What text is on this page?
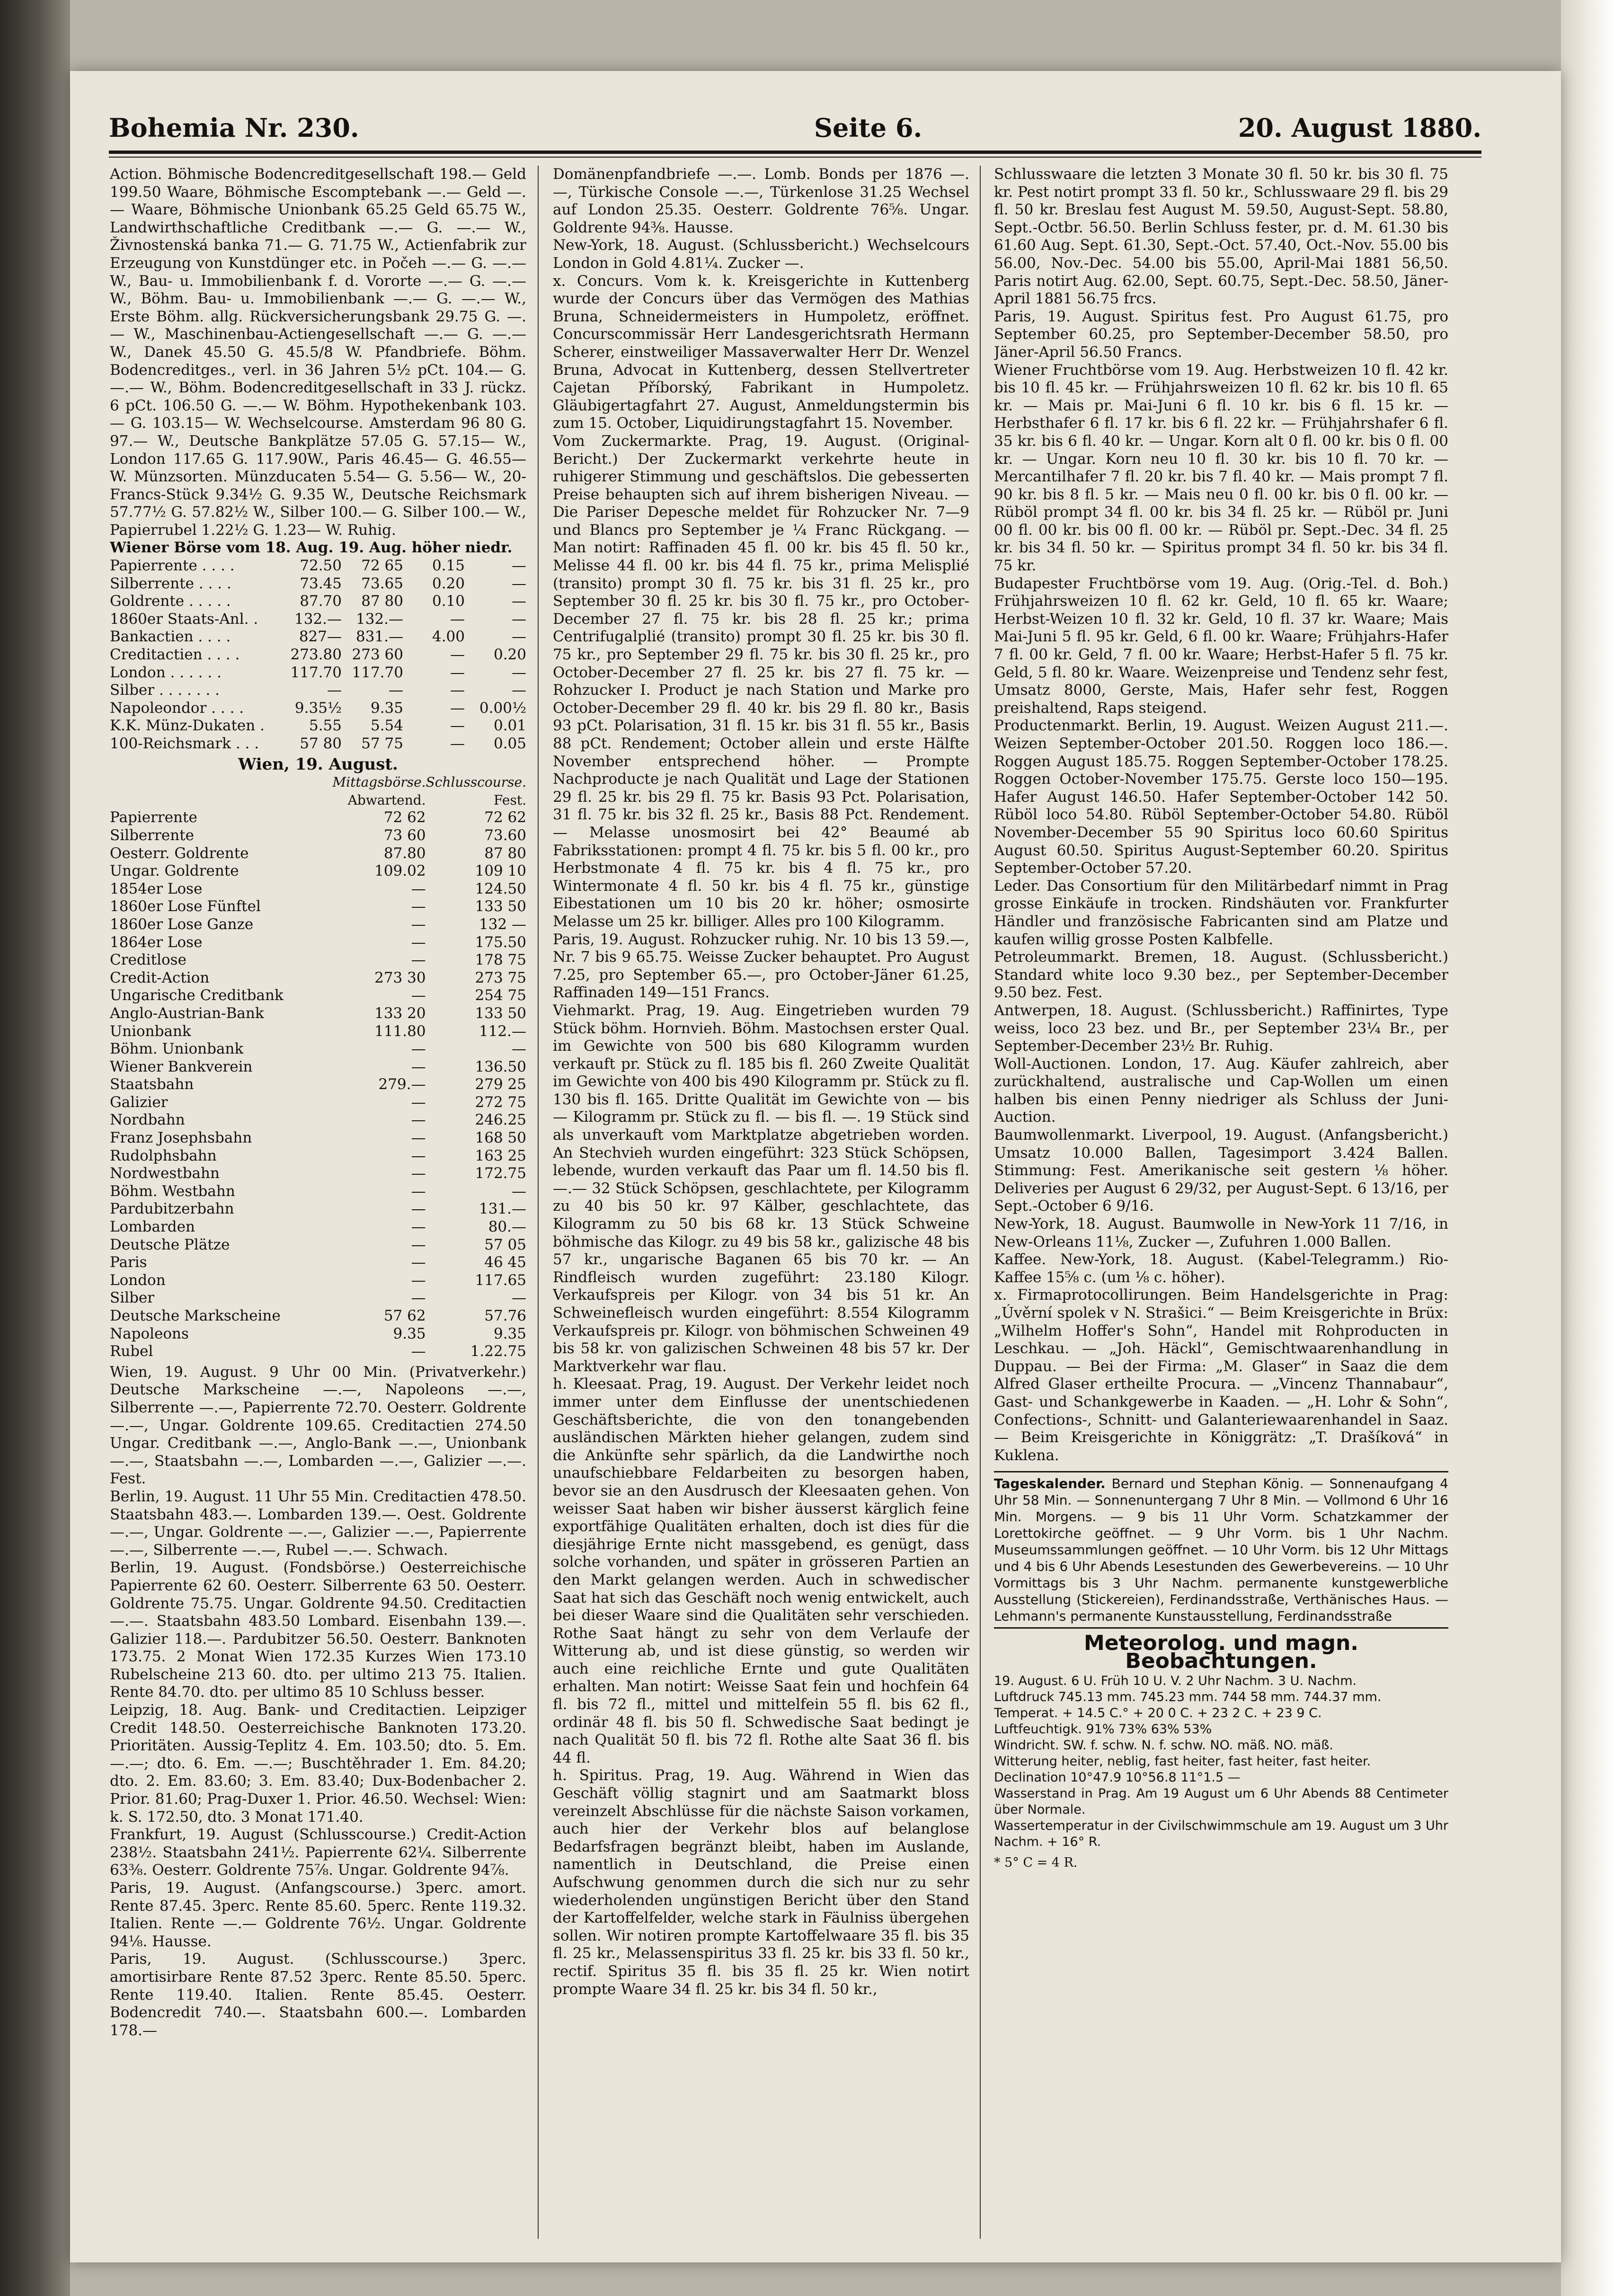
Bohemia Nr. 230.	Seite 6.	20. August 1880.

Action. Böhmische Bodencreditgesellschaft 198.— Geld 199.50 Waare, Böhmische Escomptebank —.— Geld —.— Waare, Böhmische Unionbank 65.25 Geld 65.75 W., Landwirthschaftliche Creditbank —.— G. —.— W., Živnostenská banka 71.— G. 71.75 W., Actienfabrik zur Erzeugung von Kunstdünger etc. in Počeh —.— G. —.— W., Bau- u. Immobilienbank f. d. Vororte —.— G. —.— W., Böhm. Bau- u. Immobilienbank —.— G. —.— W., Erste Böhm. allg. Rückversicherungsbank 29.75 G. —.— W., Maschinenbau-Actiengesellschaft —.— G. —.— W., Danek 45.50 G. 45.5/8 W. Pfandbriefe. Böhm. Bodencreditges., verl. in 36 Jahren 5½ pCt. 104.— G. —.— W., Böhm. Bodencreditgesellschaft in 33 J. rückz. 6 pCt. 106.50 G. —.— W. Böhm. Hypothekenbank 103.— G. 103.15— W. Wechselcourse. Amsterdam 96 80 G. 97.— W., Deutsche Bankplätze 57.05 G. 57.15— W., London 117.65 G. 117.90W., Paris 46.45— G. 46.55— W. Münzsorten. Münzducaten 5.54— G. 5.56— W., 20-Francs-Stück 9.34½ G. 9.35 W., Deutsche Reichsmark 57.77½ G. 57.82½ W., Silber 100.— G. Silber 100.— W., Papierrubel 1.22½ G. 1.23— W. Ruhig.

Wiener Börse vom 18. Aug. 19. Aug. höher niedr.

Papierrente . . . .	72.50	72 65	0.15	—
Silberrente . . . .	73.45	73.65	0.20	—
Goldrente . . . . .	87.70	87 80	0.10	—
1860er Staats-Anl. .	132.—	132.—	—	—
Bankactien . . . .	827—	831.—	4.00	—
Creditactien . . . .	273.80	273 60	—	0.20
London . . . . . .	117.70	117.70	—	—
Silber . . . . . . .	—	—	—	—
Napoleondor . . . .	9.35½	9.35	—	0.00½
K.K. Münz-Dukaten .	5.55	5.54	—	0.01
100-Reichsmark . . .	57 80	57 75	—	0.05

Wien, 19. August.

	Mittagsbörse.	Schlusscourse.
	Abwartend.	Fest.
Papierrente	72 62	72 62
Silberrente	73 60	73.60
Oesterr. Goldrente	87.80	87 80
Ungar. Goldrente	109.02	109 10
1854er Lose	—	124.50
1860er Lose Fünftel	—	133 50
1860er Lose Ganze	—	132 —
1864er Lose	—	175.50
Creditlose	—	178 75
Credit-Action	273 30	273 75
Ungarische Creditbank	—	254 75
Anglo-Austrian-Bank	133 20	133 50
Unionbank	111.80	112.—
Böhm. Unionbank	—	—
Wiener Bankverein	—	136.50
Staatsbahn	279.—	279 25
Galizier	—	272 75
Nordbahn	—	246.25
Franz Josephsbahn	—	168 50
Rudolphsbahn	—	163 25
Nordwestbahn	—	172.75
Böhm. Westbahn	—	—
Pardubitzerbahn	—	131.—
Lombarden	—	80.—
Deutsche Plätze	—	57 05
Paris	—	46 45
London	—	117.65
Silber	—	—
Deutsche Markscheine	57 62	57.76
Napoleons	9.35	9.35
Rubel	—	1.22.75

Wien, 19. August. 9 Uhr 00 Min. (Privatverkehr.) Deutsche Markscheine —.—, Napoleons —.—, Silberrente —.—, Papierrente 72.70. Oesterr. Goldrente —.—, Ungar. Goldrente 109.65. Creditactien 274.50 Ungar. Creditbank —.—, Anglo-Bank —.—, Unionbank —.—, Staatsbahn —.—, Lombarden —.—, Galizier —.—. Fest.
Berlin, 19. August. 11 Uhr 55 Min. Creditactien 478.50. Staatsbahn 483.—. Lombarden 139.—. Oest. Goldrente —.—, Ungar. Goldrente —.—, Galizier —.—, Papierrente —.—, Silberrente —.—, Rubel —.—. Schwach.
Berlin, 19. August. (Fondsbörse.) Oesterreichische Papierrente 62 60. Oesterr. Silberrente 63 50. Oesterr. Goldrente 75.75. Ungar. Goldrente 94.50. Creditactien —.—. Staatsbahn 483.50 Lombard. Eisenbahn 139.—. Galizier 118.—. Pardubitzer 56.50. Oesterr. Banknoten 173.75. 2 Monat Wien 172.35 Kurzes Wien 173.10 Rubelscheine 213 60. dto. per ultimo 213 75. Italien. Rente 84.70. dto. per ultimo 85 10 Schluss besser.
Leipzig, 18. Aug. Bank- und Creditactien. Leipziger Credit 148.50. Oesterreichische Banknoten 173.20. Prioritäten. Aussig-Teplitz 4. Em. 103.50; dto. 5. Em. —.—; dto. 6. Em. —.—; Buschtěhrader 1. Em. 84.20; dto. 2. Em. 83.60; 3. Em. 83.40; Dux-Bodenbacher 2. Prior. 81.60; Prag-Duxer 1. Prior. 46.50. Wechsel: Wien: k. S. 172.50, dto. 3 Monat 171.40.
Frankfurt, 19. August (Schlusscourse.) Credit-Action 238½. Staatsbahn 241½. Papierrente 62¼. Silberrente 63⅜. Oesterr. Goldrente 75⅞. Ungar. Goldrente 94⅞.
Paris, 19. August. (Anfangscourse.) 3perc. amort. Rente 87.45. 3perc. Rente 85.60. 5perc. Rente 119.32. Italien. Rente —.— Goldrente 76½. Ungar. Goldrente 94⅛. Hausse.
Paris, 19. August. (Schlusscourse.) 3perc. amortisirbare Rente 87.52 3perc. Rente 85.50. 5perc. Rente 119.40. Italien. Rente 85.45. Oesterr. Bodencredit 740.—. Staatsbahn 600.—. Lombarden 178.—

Domänenpfandbriefe —.—. Lomb. Bonds per 1876 —.—, Türkische Console —.—, Türkenlose 31.25 Wechsel auf London 25.35. Oesterr. Goldrente 76⅝. Ungar. Goldrente 94⅜. Hausse.
New-York, 18. August. (Schlussbericht.) Wechselcours London in Gold 4.81¼. Zucker —.

x. Concurs. Vom k. k. Kreisgerichte in Kuttenberg wurde der Concurs über das Vermögen des Mathias Bruna, Schneidermeisters in Humpoletz, eröffnet. Concurscommissär Herr Landesgerichtsrath Hermann Scherer, einstweiliger Massaverwalter Herr Dr. Wenzel Bruna, Advocat in Kuttenberg, dessen Stellvertreter Cajetan Příborský, Fabrikant in Humpoletz. Gläubigertagfahrt 27. August, Anmeldungstermin bis zum 15. October, Liquidirungstagfahrt 15. November.

Vom Zuckermarkte. Prag, 19. August. (Original-Bericht.) Der Zuckermarkt verkehrte heute in ruhigerer Stimmung und geschäftslos. Die gebesserten Preise behaupten sich auf ihrem bisherigen Niveau. — Die Pariser Depesche meldet für Rohzucker Nr. 7—9 und Blancs pro September je ¼ Franc Rückgang. — Man notirt: Raffinaden 45 fl. 00 kr. bis 45 fl. 50 kr., Melisse 44 fl. 00 kr. bis 44 fl. 75 kr., prima Melisplié (transito) prompt 30 fl. 75 kr. bis 31 fl. 25 kr., pro September 30 fl. 25 kr. bis 30 fl. 75 kr., pro October-December 27 fl. 75 kr. bis 28 fl. 25 kr.; prima Centrifugalplié (transito) prompt 30 fl. 25 kr. bis 30 fl. 75 kr., pro September 29 fl. 75 kr. bis 30 fl. 25 kr., pro October-December 27 fl. 25 kr. bis 27 fl. 75 kr. — Rohzucker I. Product je nach Station und Marke pro October-December 29 fl. 40 kr. bis 29 fl. 80 kr., Basis 93 pCt. Polarisation, 31 fl. 15 kr. bis 31 fl. 55 kr., Basis 88 pCt. Rendement; October allein und erste Hälfte November entsprechend höher. — Prompte Nachproducte je nach Qualität und Lage der Stationen 29 fl. 25 kr. bis 29 fl. 75 kr. Basis 93 Pct. Polarisation, 31 fl. 75 kr. bis 32 fl. 25 kr., Basis 88 Pct. Rendement. — Melasse unosmosirt bei 42° Beaumé ab Fabriksstationen: prompt 4 fl. 75 kr. bis 5 fl. 00 kr., pro Herbstmonate 4 fl. 75 kr. bis 4 fl. 75 kr., pro Wintermonate 4 fl. 50 kr. bis 4 fl. 75 kr., günstige Eibestationen um 10 bis 20 kr. höher; osmosirte Melasse um 25 kr. billiger. Alles pro 100 Kilogramm.
Paris, 19. August. Rohzucker ruhig. Nr. 10 bis 13 59.—, Nr. 7 bis 9 65.75. Weisse Zucker behauptet. Pro August 7.25, pro September 65.—, pro October-Jäner 61.25, Raffinaden 149—151 Francs.

Viehmarkt. Prag, 19. Aug. Eingetrieben wurden 79 Stück böhm. Hornvieh. Böhm. Mastochsen erster Qual. im Gewichte von 500 bis 680 Kilogramm wurden verkauft pr. Stück zu fl. 185 bis fl. 260 Zweite Qualität im Gewichte von 400 bis 490 Kilogramm pr. Stück zu fl. 130 bis fl. 165. Dritte Qualität im Gewichte von — bis — Kilogramm pr. Stück zu fl. — bis fl. —. 19 Stück sind als unverkauft vom Marktplatze abgetrieben worden. An Stechvieh wurden eingeführt: 323 Stück Schöpsen, lebende, wurden verkauft das Paar um fl. 14.50 bis fl. —.— 32 Stück Schöpsen, geschlachtete, per Kilogramm zu 40 bis 50 kr. 97 Kälber, geschlachtete, das Kilogramm zu 50 bis 68 kr. 13 Stück Schweine böhmische das Kilogr. zu 49 bis 58 kr., galizische 48 bis 57 kr., ungarische Baganen 65 bis 70 kr. — An Rindfleisch wurden zugeführt: 23.180 Kilogr. Verkaufspreis per Kilogr. von 34 bis 51 kr. An Schweinefleisch wurden eingeführt: 8.554 Kilogramm Verkaufspreis pr. Kilogr. von böhmischen Schweinen 49 bis 58 kr. von galizischen Schweinen 48 bis 57 kr. Der Marktverkehr war flau.

h. Kleesaat. Prag, 19. August. Der Verkehr leidet noch immer unter dem Einflusse der unentschiedenen Geschäftsberichte, die von den tonangebenden ausländischen Märkten hieher gelangen, zudem sind die Ankünfte sehr spärlich, da die Landwirthe noch unaufschiebbare Feldarbeiten zu besorgen haben, bevor sie an den Ausdrusch der Kleesaaten gehen. Von weisser Saat haben wir bisher äusserst kärglich feine exportfähige Qualitäten erhalten, doch ist dies für die diesjährige Ernte nicht massgebend, es genügt, dass solche vorhanden, und später in grösseren Partien an den Markt gelangen werden. Auch in schwedischer Saat hat sich das Geschäft noch wenig entwickelt, auch bei dieser Waare sind die Qualitäten sehr verschieden. Rothe Saat hängt zu sehr von dem Verlaufe der Witterung ab, und ist diese günstig, so werden wir auch eine reichliche Ernte und gute Qualitäten erhalten. Man notirt: Weisse Saat fein und hochfein 64 fl. bis 72 fl., mittel und mittelfein 55 fl. bis 62 fl., ordinär 48 fl. bis 50 fl. Schwedische Saat bedingt je nach Qualität 50 fl. bis 72 fl. Rothe alte Saat 36 fl. bis 44 fl.

h. Spiritus. Prag, 19. Aug. Während in Wien das Geschäft völlig stagnirt und am Saatmarkt bloss vereinzelt Abschlüsse für die nächste Saison vorkamen, auch hier der Verkehr blos auf belanglose Bedarfsfragen begränzt bleibt, haben im Auslande, namentlich in Deutschland, die Preise einen Aufschwung genommen durch die sich nur zu sehr wiederholenden ungünstigen Bericht über den Stand der Kartoffelfelder, welche stark in Fäulniss übergehen sollen. Wir notiren prompte Kartoffelwaare 35 fl. bis 35 fl. 25 kr., Melassenspiritus 33 fl. 25 kr. bis 33 fl. 50 kr., rectif. Spiritus 35 fl. bis 35 fl. 25 kr. Wien notirt prompte Waare 34 fl. 25 kr. bis 34 fl. 50 kr.,

Schlusswaare die letzten 3 Monate 30 fl. 50 kr. bis 30 fl. 75 kr. Pest notirt prompt 33 fl. 50 kr., Schlusswaare 29 fl. bis 29 fl. 50 kr. Breslau fest August M. 59.50, August-Sept. 58.80, Sept.-Octbr. 56.50. Berlin Schluss fester, pr. d. M. 61.30 bis 61.60 Aug. Sept. 61.30, Sept.-Oct. 57.40, Oct.-Nov. 55.00 bis 56.00, Nov.-Dec. 54.00 bis 55.00, April-Mai 1881 56,50. Paris notirt Aug. 62.00, Sept. 60.75, Sept.-Dec. 58.50, Jäner-April 1881 56.75 frcs.
Paris, 19. August. Spiritus fest. Pro August 61.75, pro September 60.25, pro September-December 58.50, pro Jäner-April 56.50 Francs.

Wiener Fruchtbörse vom 19. Aug. Herbstweizen 10 fl. 42 kr. bis 10 fl. 45 kr. — Frühjahrsweizen 10 fl. 62 kr. bis 10 fl. 65 kr. — Mais pr. Mai-Juni 6 fl. 10 kr. bis 6 fl. 15 kr. — Herbsthafer 6 fl. 17 kr. bis 6 fl. 22 kr. — Frühjahrshafer 6 fl. 35 kr. bis 6 fl. 40 kr. — Ungar. Korn alt 0 fl. 00 kr. bis 0 fl. 00 kr. — Ungar. Korn neu 10 fl. 30 kr. bis 10 fl. 70 kr. — Mercantilhafer 7 fl. 20 kr. bis 7 fl. 40 kr. — Mais prompt 7 fl. 90 kr. bis 8 fl. 5 kr. — Mais neu 0 fl. 00 kr. bis 0 fl. 00 kr. — Rüböl prompt 34 fl. 00 kr. bis 34 fl. 25 kr. — Rüböl pr. Juni 00 fl. 00 kr. bis 00 fl. 00 kr. — Rüböl pr. Sept.-Dec. 34 fl. 25 kr. bis 34 fl. 50 kr. — Spiritus prompt 34 fl. 50 kr. bis 34 fl. 75 kr.

Budapester Fruchtbörse vom 19. Aug. (Orig.-Tel. d. Boh.) Frühjahrsweizen 10 fl. 62 kr. Geld, 10 fl. 65 kr. Waare; Herbst-Weizen 10 fl. 32 kr. Geld, 10 fl. 37 kr. Waare; Mais Mai-Juni 5 fl. 95 kr. Geld, 6 fl. 00 kr. Waare; Frühjahrs-Hafer 7 fl. 00 kr. Geld, 7 fl. 00 kr. Waare; Herbst-Hafer 5 fl. 75 kr. Geld, 5 fl. 80 kr. Waare. Weizenpreise und Tendenz sehr fest, Umsatz 8000, Gerste, Mais, Hafer sehr fest, Roggen preishaltend, Raps steigend.

Productenmarkt. Berlin, 19. August. Weizen August 211.—. Weizen September-October 201.50. Roggen loco 186.—. Roggen August 185.75. Roggen September-October 178.25. Roggen October-November 175.75. Gerste loco 150—195. Hafer August 146.50. Hafer September-October 142 50. Rüböl loco 54.80. Rüböl September-October 54.80. Rüböl November-December 55 90 Spiritus loco 60.60 Spiritus August 60.50. Spiritus August-September 60.20. Spiritus September-October 57.20.

Leder. Das Consortium für den Militärbedarf nimmt in Prag grosse Einkäufe in trocken. Rindshäuten vor. Frankfurter Händler und französische Fabricanten sind am Platze und kaufen willig grosse Posten Kalbfelle.

Petroleummarkt. Bremen, 18. August. (Schlussbericht.) Standard white loco 9.30 bez., per September-December 9.50 bez. Fest.
Antwerpen, 18. August. (Schlussbericht.) Raffinirtes, Type weiss, loco 23 bez. und Br., per September 23¼ Br., per September-December 23½ Br. Ruhig.

Woll-Auctionen. London, 17. Aug. Käufer zahlreich, aber zurückhaltend, australische und Cap-Wollen um einen halben bis einen Penny niedriger als Schluss der Juni-Auction.

Baumwollenmarkt. Liverpool, 19. August. (Anfangsbericht.) Umsatz 10.000 Ballen, Tagesimport 3.424 Ballen. Stimmung: Fest. Amerikanische seit gestern ⅛ höher. Deliveries per August 6 29/32, per August-Sept. 6 13/16, per Sept.-October 6 9/16.
New-York, 18. August. Baumwolle in New-York 11 7/16, in New-Orleans 11⅛, Zucker —, Zufuhren 1.000 Ballen.

Kaffee. New-York, 18. August. (Kabel-Telegramm.) Rio-Kaffee 15⅝ c. (um ⅛ c. höher).

x. Firmaprotocollirungen. Beim Handelsgerichte in Prag: „Úvěrní spolek v N. Strašici.“ — Beim Kreisgerichte in Brüx: „Wilhelm Hoffer's Sohn“, Handel mit Rohproducten in Leschkau. — „Joh. Häckl“, Gemischtwaarenhandlung in Duppau. — Bei der Firma: „M. Glaser“ in Saaz die dem Alfred Glaser ertheilte Procura. — „Vincenz Thannabaur“, Gast- und Schankgewerbe in Kaaden. — „H. Lohr & Sohn“, Confections-, Schnitt- und Galanteriewaarenhandel in Saaz. — Beim Kreisgerichte in Königgrätz: „T. Drašíková“ in Kuklena.

Tageskalender. Bernard und Stephan König. — Sonnenaufgang 4 Uhr 58 Min. — Sonnenuntergang 7 Uhr 8 Min. — Vollmond 6 Uhr 16 Min. Morgens. — 9 bis 11 Uhr Vorm. Schatzkammer der Lorettokirche geöffnet. — 9 Uhr Vorm. bis 1 Uhr Nachm. Museumssammlungen geöffnet. — 10 Uhr Vorm. bis 12 Uhr Mittags und 4 bis 6 Uhr Abends Lesestunden des Gewerbevereins. — 10 Uhr Vormittags bis 3 Uhr Nachm. permanente kunstgewerbliche Ausstellung (Stickereien), Ferdinandsstraße, Verthänisches Haus. — Lehmann's permanente Kunstausstellung, Ferdinandsstraße
Meteorolog. und magn. Beobachtungen.
19. August. 6 U. Früh 10 U. V. 2 Uhr Nachm. 3 U. Nachm.
Luftdruck 745.13 mm. 745.23 mm. 744 58 mm. 744.37 mm.
Temperat. + 14.5 C.° + 20 0 C. + 23 2 C. + 23 9 C.
Luftfeuchtigk. 91% 73% 63% 53%
Windricht. SW. f. schw. N. f. schw. NO. mäß. NO. mäß.
Witterung heiter, neblig, fast heiter, fast heiter, fast heiter.
Declination 10°47.9 10°56.8 11°1.5 —
Wasserstand in Prag. Am 19 August um 6 Uhr Abends 88 Centimeter über Normale.
Wassertemperatur in der Civilschwimmschule am 19. August um 3 Uhr Nachm. + 16° R.
* 5° C = 4 R.
